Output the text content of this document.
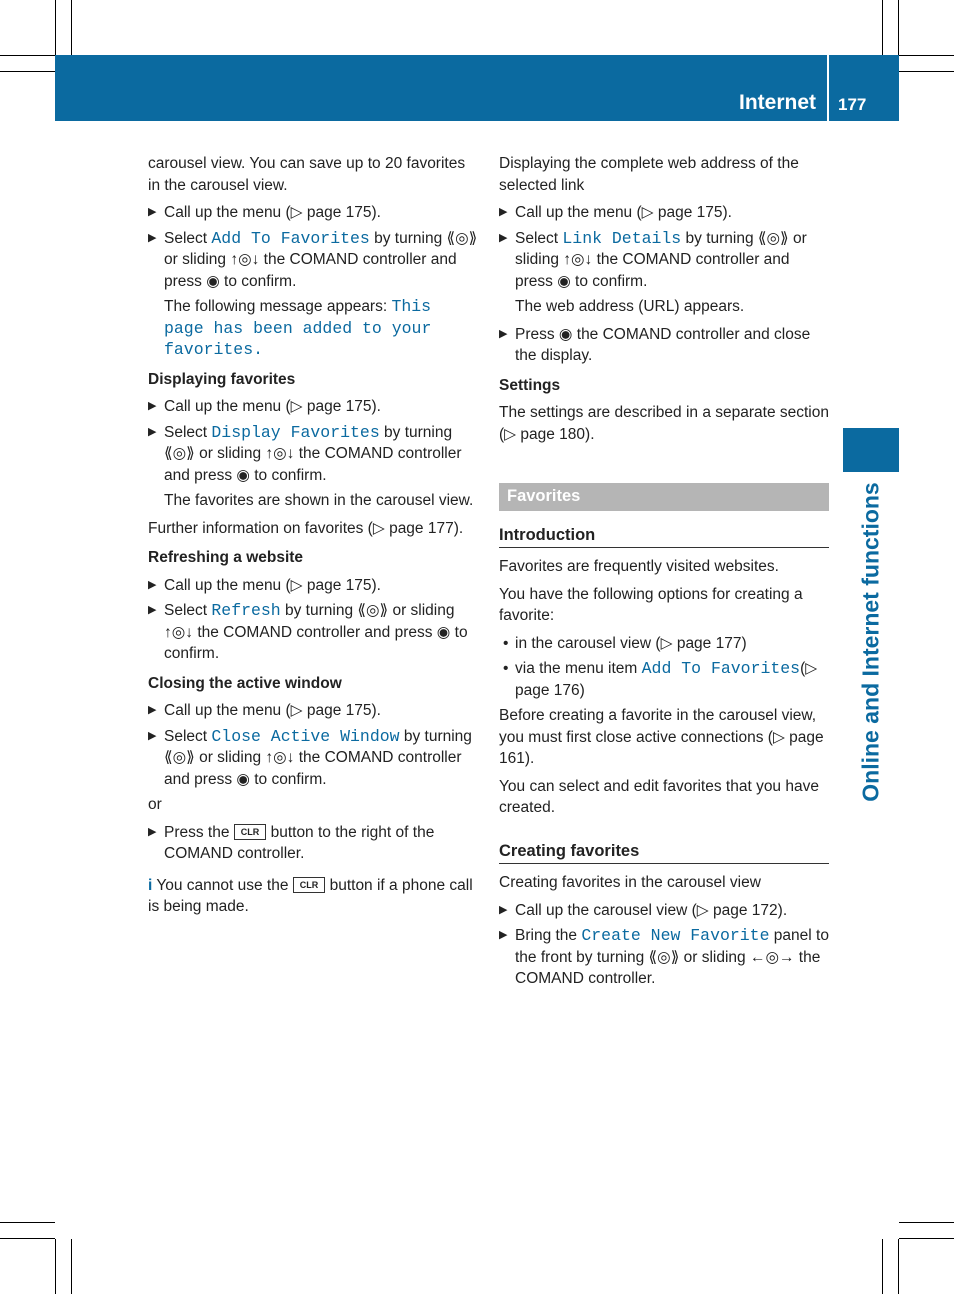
Internet 177
Online and Internet functions

carousel view. You can save up to 20 favorites in the carousel view.

▶ Call up the menu (▷ page 175).
▶ Select Add To Favorites by turning ⟪◎⟫ or sliding ↑◎↓ the COMAND controller and press ◉ to confirm.
The following message appears: This page has been added to your favorites.
Displaying favorites
▶ Call up the menu (▷ page 175).
▶ Select Display Favorites by turning ⟪◎⟫ or sliding ↑◎↓ the COMAND controller and press ◉ to confirm.
The favorites are shown in the carousel view.

Further information on favorites (▷ page 177).

Refreshing a website
▶ Call up the menu (▷ page 175).
▶ Select Refresh by turning ⟪◎⟫ or sliding ↑◎↓ the COMAND controller and press ◉ to confirm.
Closing the active window
▶ Call up the menu (▷ page 175).
▶ Select Close Active Window by turning ⟪◎⟫ or sliding ↑◎↓ the COMAND controller and press ◉ to confirm.

or

▶ Press the CLR button to the right of the COMAND controller.

i You cannot use the CLR button if a phone call is being made.

Displaying the complete web address of the selected link

▶ Call up the menu (▷ page 175).
▶ Select Link Details by turning ⟪◎⟫ or sliding ↑◎↓ the COMAND controller and press ◉ to confirm.
The web address (URL) appears.
▶ Press ◉ the COMAND controller and close the display.
Settings

The settings are described in a separate section (▷ page 180).

Favorites
Introduction

Favorites are frequently visited websites.

You have the following options for creating a favorite:

• in the carousel view (▷ page 177)
• via the menu item Add To Favorites(▷ page 176)

Before creating a favorite in the carousel view, you must first close active connections (▷ page 161).

You can select and edit favorites that you have created.

Creating favorites

Creating favorites in the carousel view

▶ Call up the carousel view (▷ page 172).
▶ Bring the Create New Favorite panel to the front by turning ⟪◎⟫ or sliding ←◎→ the COMAND controller.
